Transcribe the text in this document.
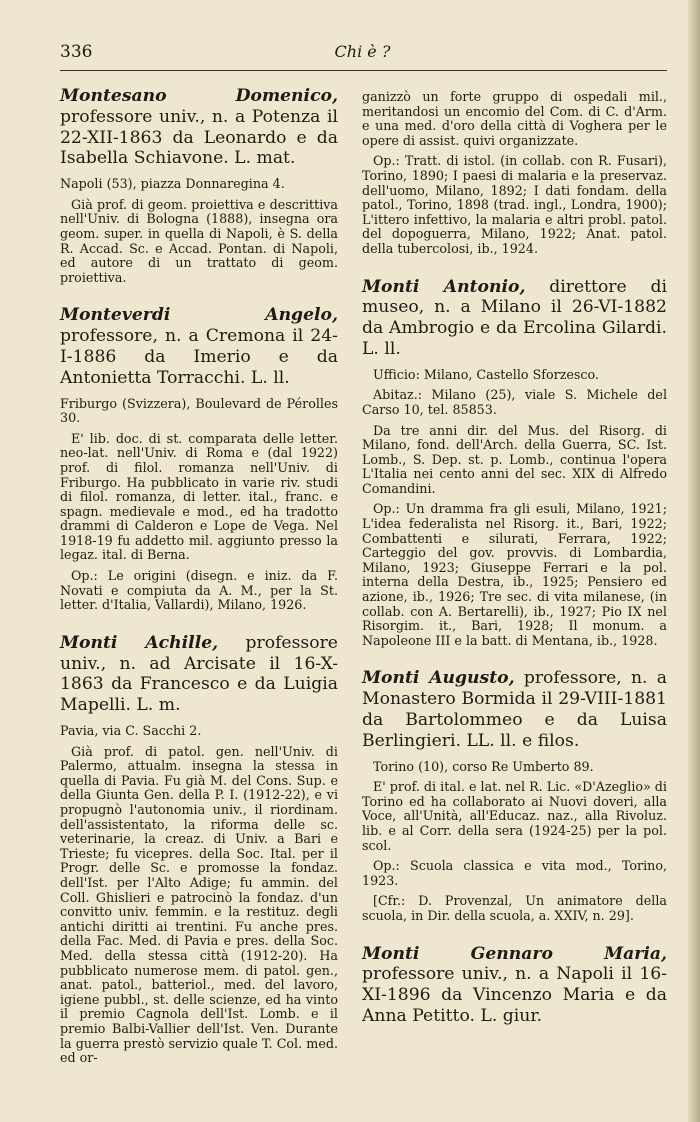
336	Chi è ?
Montesano Domenico, professore univ., n. a Potenza il 22-XII-1863 da Leonardo e da Isabella Schiavone. L. mat.

Napoli (53), piazza Donnaregina 4.

Già prof. di geom. proiettiva e descrittiva nell'Univ. di Bologna (1888), insegna ora geom. super. in quella di Napoli, è S. della R. Accad. Sc. e Accad. Pontan. di Napoli, ed autore di un trattato di geom. proiettiva.

Monteverdi Angelo, professore, n. a Cremona il 24-I-1886 da Imerio e da Antonietta Torracchi. L. ll.

Friburgo (Svizzera), Boulevard de Pérolles 30.

E' lib. doc. di st. comparata delle letter. neo-lat. nell'Univ. di Roma e (dal 1922) prof. di filol. romanza nell'Univ. di Friburgo. Ha pubblicato in varie riv. studi di filol. romanza, di letter. ital., franc. e spagn. medievale e mod., ed ha tradotto drammi di Calderon e Lope de Vega. Nel 1918-19 fu addetto mil. aggiunto presso la legaz. ital. di Berna.

Op.: Le origini (disegn. e iniz. da F. Novati e compiuta da A. M., per la St. letter. d'Italia, Vallardi), Milano, 1926.

Monti Achille, professore univ., n. ad Arcisate il 16-X-1863 da Francesco e da Luigia Mapelli. L. m.

Pavia, via C. Sacchi 2.

Già prof. di patol. gen. nell'Univ. di Palermo, attualm. insegna la stessa in quella di Pavia. Fu già M. del Cons. Sup. e della Giunta Gen. della P. I. (1912-22), e vi propugnò l'autonomia univ., il riordinam. dell'assistentato, la riforma delle sc. veterinarie, la creaz. di Univ. a Bari e Trieste; fu vicepres. della Soc. Ital. per il Progr. delle Sc. e promosse la fondaz. dell'Ist. per l'Alto Adige; fu ammin. del Coll. Ghislieri e patrocinò la fondaz. d'un convitto univ. femmin. e la restituz. degli antichi diritti ai trentini. Fu anche pres. della Fac. Med. di Pavia e pres. della Soc. Med. della stessa città (1912-20). Ha pubblicato numerose mem. di patol. gen., anat. patol., batteriol., med. del lavoro, igiene pubbl., st. delle scienze, ed ha vinto il premio Cagnola dell'Ist. Lomb. e il premio Balbi-Vallier dell'Ist. Ven. Durante la guerra prestò servizio quale T. Col. med. ed or-

ganizzò un forte gruppo di ospedali mil., meritandosi un encomio del Com. di C. d'Arm. e una med. d'oro della città di Voghera per le opere di assist. quivi organizzate.

Op.: Tratt. di istol. (in collab. con R. Fusari), Torino, 1890; I paesi di malaria e la preservaz. dell'uomo, Milano, 1892; I dati fondam. della patol., Torino, 1898 (trad. ingl., Londra, 1900); L'ittero infettivo, la malaria e altri probl. patol. del dopoguerra, Milano, 1922; Anat. patol. della tubercolosi, ib., 1924.

Monti Antonio, direttore di museo, n. a Milano il 26-VI-1882 da Ambrogio e da Ercolina Gilardi. L. ll.

Ufficio: Milano, Castello Sforzesco.

Abitaz.: Milano (25), viale S. Michele del Carso 10, tel. 85853.

Da tre anni dir. del Mus. del Risorg. di Milano, fond. dell'Arch. della Guerra, SC. Ist. Lomb., S. Dep. st. p. Lomb., continua l'opera L'Italia nei cento anni del sec. XIX di Alfredo Comandini.

Op.: Un dramma fra gli esuli, Milano, 1921; L'idea federalista nel Risorg. it., Bari, 1922; Combattenti e silurati, Ferrara, 1922; Carteggio del gov. provvis. di Lombardia, Milano, 1923; Giuseppe Ferrari e la pol. interna della Destra, ib., 1925; Pensiero ed azione, ib., 1926; Tre sec. di vita milanese, (in collab. con A. Bertarelli), ib., 1927; Pio IX nel Risorgim. it., Bari, 1928; Il monum. a Napoleone III e la batt. di Mentana, ib., 1928.

Monti Augusto, professore, n. a Monastero Bormida il 29-VIII-1881 da Bartolommeo e da Luisa Berlingieri. LL. ll. e filos.

Torino (10), corso Re Umberto 89.

E' prof. di ital. e lat. nel R. Lic. «D'Azeglio» di Torino ed ha collaborato ai Nuovi doveri, alla Voce, all'Unità, all'Educaz. naz., alla Rivoluz. lib. e al Corr. della sera (1924-25) per la pol. scol.

Op.: Scuola classica e vita mod., Torino, 1923.

[Cfr.: D. Provenzal, Un animatore della scuola, in Dir. della scuola, a. XXIV, n. 29].

Monti Gennaro Maria, professore univ., n. a Napoli il 16-XI-1896 da Vincenzo Maria e da Anna Petitto. L. giur.
